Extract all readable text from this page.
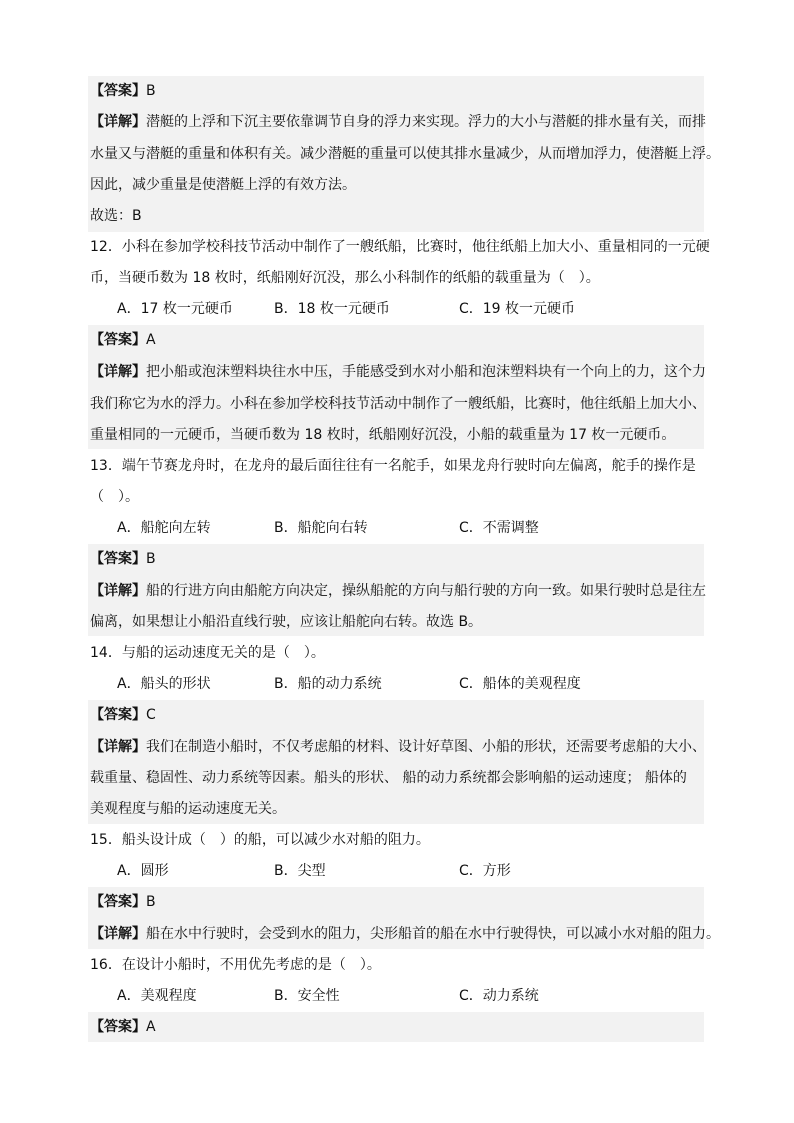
【答案】B
【详解】潜艇的上浮和下沉主要依靠调节自身的浮力来实现。浮力的大小与潜艇的排水量有关，而排
水量又与潜艇的重量和体积有关。减少潜艇的重量可以使其排水量减少，从而增加浮力，使潜艇上浮。
因此，减少重量是使潜艇上浮的有效方法。
故选：B
12．小科在参加学校科技节活动中制作了一艘纸船，比赛时，他往纸船上加大小、重量相同的一元硬
币，当硬币数为 18 枚时，纸船刚好沉没，那么小科制作的纸船的载重量为（　）。
A．17 枚一元硬币	B．18 枚一元硬币	C．19 枚一元硬币
【答案】A
【详解】把小船或泡沫塑料块往水中压，手能感受到水对小船和泡沫塑料块有一个向上的力，这个力
我们称它为水的浮力。小科在参加学校科技节活动中制作了一艘纸船，比赛时，他往纸船上加大小、
重量相同的一元硬币，当硬币数为 18 枚时，纸船刚好沉没，小船的载重量为 17 枚一元硬币。
13．端午节赛龙舟时，在龙舟的最后面往往有一名舵手，如果龙舟行驶时向左偏离，舵手的操作是
（　）。
A．船舵向左转	B．船舵向右转	C．不需调整
【答案】B
【详解】船的行进方向由船舵方向决定，操纵船舵的方向与船行驶的方向一致。如果行驶时总是往左
偏离，如果想让小船沿直线行驶，应该让船舵向右转。故选 B。
14．与船的运动速度无关的是（　）。
A．船头的形状	B．船的动力系统	C．船体的美观程度
【答案】C
【详解】我们在制造小船时，不仅考虑船的材料、设计好草图、小船的形状，还需要考虑船的大小、
载重量、稳固性、动力系统等因素。船头的形状、 船的动力系统都会影响船的运动速度； 船体的
美观程度与船的运动速度无关。
15．船头设计成（　）的船，可以减少水对船的阻力。
A．圆形	B．尖型	C．方形
【答案】B
【详解】船在水中行驶时，会受到水的阻力，尖形船首的船在水中行驶得快，可以减小水对船的阻力。
16．在设计小船时，不用优先考虑的是（　）。
A．美观程度	B．安全性	C．动力系统
【答案】A
